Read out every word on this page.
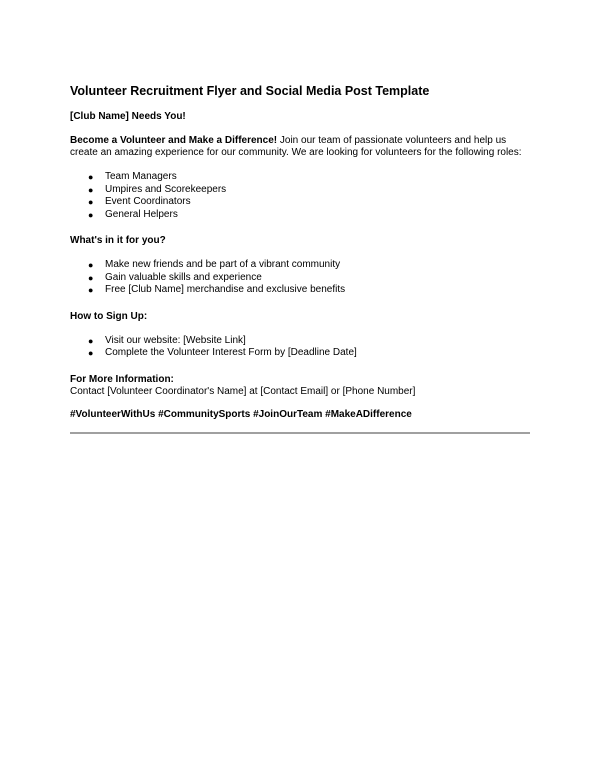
Volunteer Recruitment Flyer and Social Media Post Template
[Club Name] Needs You!
Become a Volunteer and Make a Difference! Join our team of passionate volunteers and help us create an amazing experience for our community. We are looking for volunteers for the following roles:
● Team Managers
● Umpires and Scorekeepers
● Event Coordinators
● General Helpers
What's in it for you?
● Make new friends and be part of a vibrant community
● Gain valuable skills and experience
● Free [Club Name] merchandise and exclusive benefits
How to Sign Up:
● Visit our website: [Website Link]
● Complete the Volunteer Interest Form by [Deadline Date]
For More Information:
Contact [Volunteer Coordinator's Name] at [Contact Email] or [Phone Number]
#VolunteerWithUs #CommunitySports #JoinOurTeam #MakeADifference
